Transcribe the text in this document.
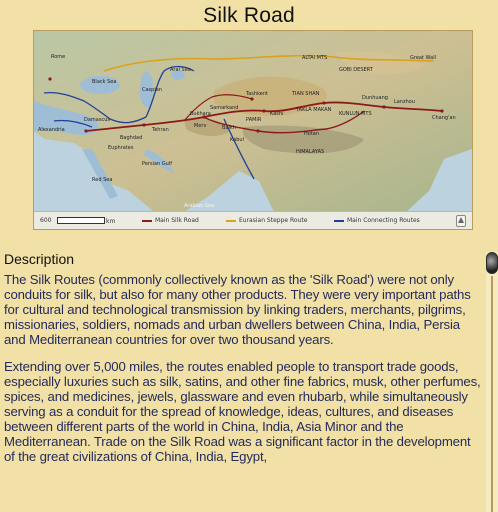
Silk Road
Rome
Black Sea
Caspian
Aral Sea
ALTAI MTS
GOBI DESERT
Great Wall
TIAN SHAN
Tashkent
Samarkand
Bukhara
Merv
Tehran
Baghdad
Alexandria
Damascus
Kashi
PAMIR
TAKLA MAKAN
KUNLUN MTS
Dunhuang
Lanzhou
Hotan
HIMALAYAS
Chang'an
Red Sea
Arabian Sea
Persian Gulf
Euphrates
Kabul
Balkh
600	km	Main Silk Road	Eurasian Steppe Route	Main Connecting Routes
Description

The Silk Routes (commonly collectively known as the 'Silk Road') were not only conduits for silk, but also for many other products. They were very important paths for cultural and technological transmission by linking traders, merchants, pilgrims, missionaries, soldiers, nomads and urban dwellers between China, India, Persia and Mediterranean countries for over two thousand years.

Extending over 5,000 miles, the routes enabled people to transport trade goods, especially luxuries such as silk, satins, and other fine fabrics, musk, other perfumes, spices, and medicines, jewels, glassware and even rhubarb, while simultaneously serving as a conduit for the spread of knowledge, ideas, cultures, and diseases between different parts of the world in China, India, Asia Minor and the Mediterranean. Trade on the Silk Road was a significant factor in the development of the great civilizations of China, India, Egypt,
